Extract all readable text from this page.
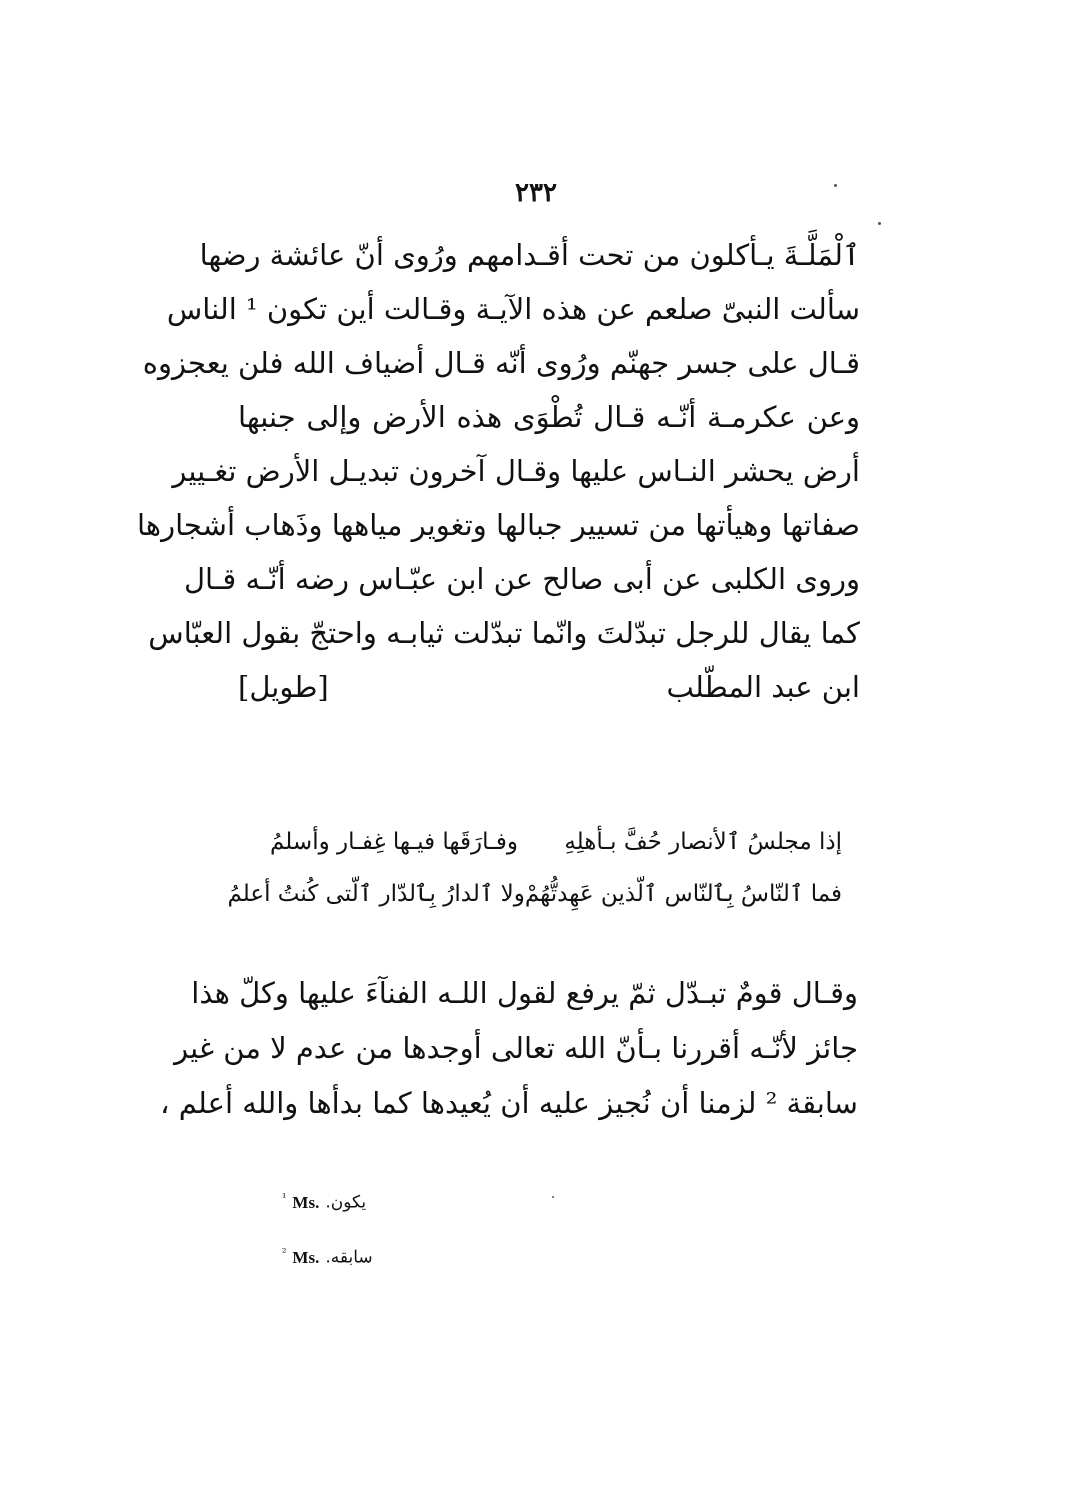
٢٣٢
ٱلْمَلَّـةَ يـأكلون من تحت أقـدامهم ورُوى أنّ عائشة رضها
سألت النبىّ صلعم عن هذه الآيـة وقـالت أين تكون ¹ الناس
قـال على جسر جهنّم ورُوى أنّه قـال أضياف الله فلن يعجزوه
وعن عكرمـة أنّـه قـال تُطْوَى هذه الأرض وإلى جنبها
أرض يحشر النـاس عليها وقـال آخرون تبديـل الأرض تغـيير
صفاتها وهيأتها من تسيير جبالها وتغوير مياهها وذَهاب أشجارها
وروى الكلبى عن أبى صالح عن ابن عبّـاس رضه أنّـه قـال
كما يقال للرجل تبدّلتَ وانّما تبدّلت ثيابـه واحتجّ بقول العبّاس
ابن عبد المطّلب
[طويل]
إذا مجلسُ ٱلأنصار حُفَّ بـأهلِهِ
وفـارَقَها فيـها غِفـار وأسلمُ
فما ٱلنّاسُ بِٱلنّاس ٱلّذين عَهِدتُّهُمْ
ولا ٱلدارُ بِٱلدّار ٱلّتى كُنتُ أعلمُ
وقـال قومٌ تبـدّل ثمّ يرفع لقول اللـه الفنآءَ عليها وكلّ هذا
جائز لأنّـه أقررنا بـأنّ الله تعالى أوجدها من عدم لا من غير
سابقة ² لزمنا أن نُجيز عليه أن يُعيدها كما بدأها والله أعلم ،
$^{^1}$ Ms. يكون.
$^{^2}$ Ms. سابقه.
